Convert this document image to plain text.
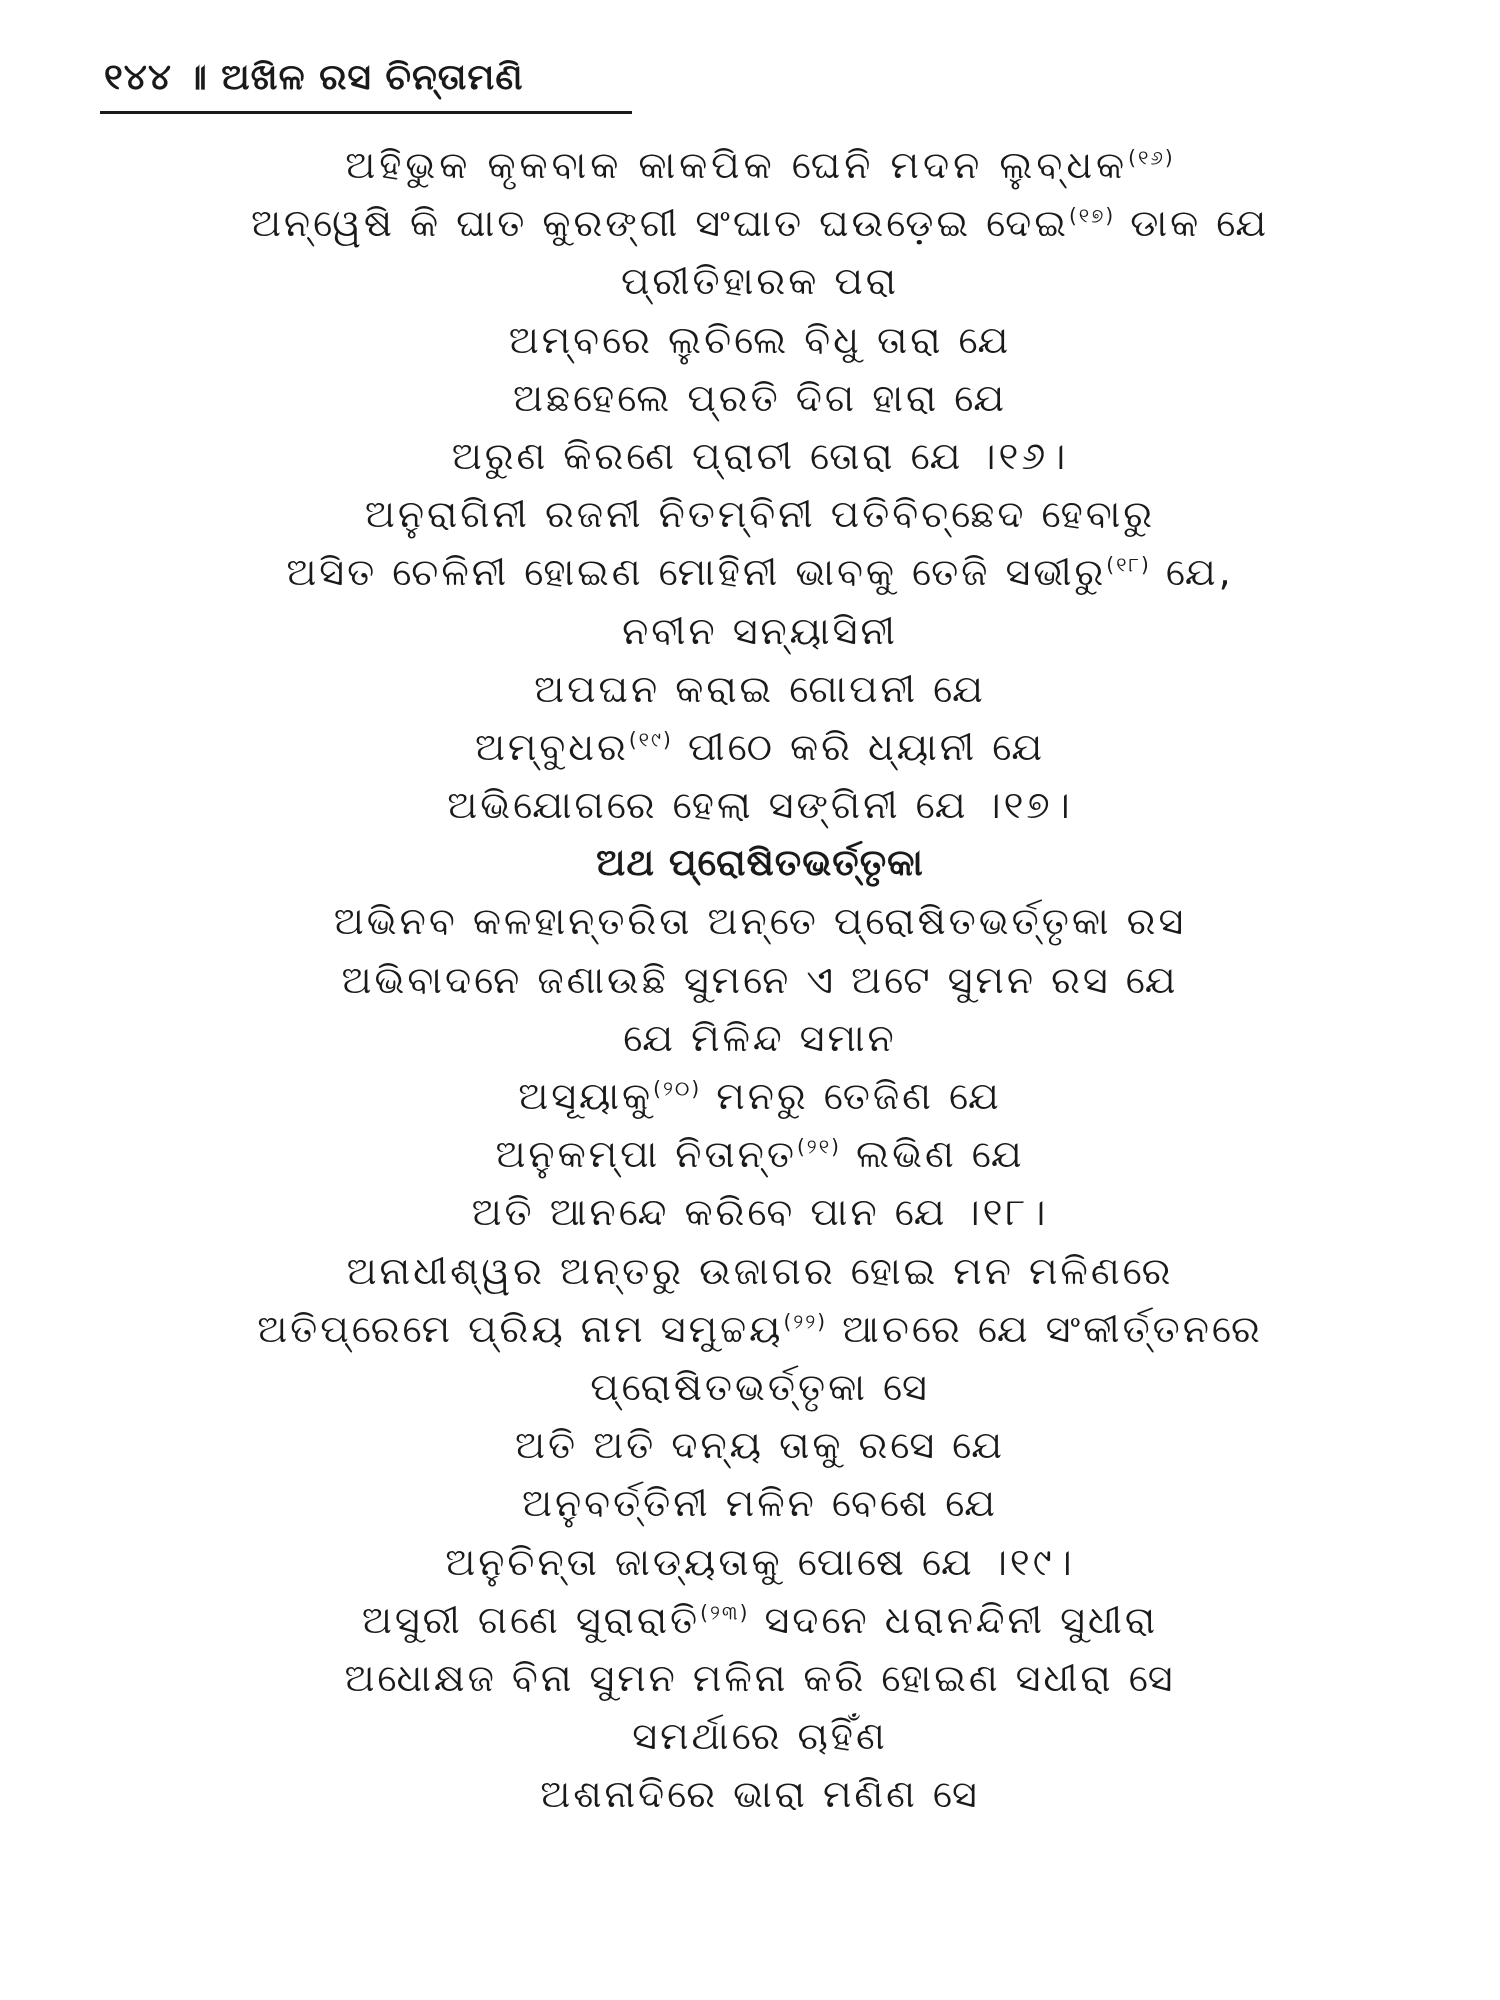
୧୪୪ ॥ ଅଖିଳ ରସ ଚିନ୍ତାମଣି
ଅହିଭୁକ କୃକବାକ କାକପିକ ଘେନି ମଦନ ଲୁବ୍ଧକ$^{(୧୬)}$
ଅନ୍ୱେଷି କି ଘାତ କୁରଙ୍ଗୀ ସଂଘାତ ଘଉଡ଼େଇ ଦେଇ$^{(୧୭)}$ ଡାକ ଯେ
ପ୍ରୀତିହାରକ ପରା
ଅମ୍ବରେ ଲୁଚିଲେ ବିଧୁ ତାରା ଯେ
ଅଛହେଲେ ପ୍ରତି ଦିଗ ହାରା ଯେ
ଅରୁଣ କିରଣେ ପ୍ରାଚୀ ତୋରା ଯେ ।୧୬।
ଅନୁରାଗିନୀ ରଜନୀ ନିତମ୍ବିନୀ ପତିବିଚ୍ଛେଦ ହେବାରୁ
ଅସିତ ଚେଳିନୀ ହୋଇଣ ମୋହିନୀ ଭାବକୁ ତେଜି ସଭୀରୁ$^{(୧୮)}$ ଯେ,
ନବୀନ ସନ୍ୟାସିନୀ
ଅପଘନ କରାଇ ଗୋପନୀ ଯେ
ଅମ୍ବୁଧର$^{(୧୯)}$ ପୀଠେ କରି ଧ୍ୟାନୀ ଯେ
ଅଭିଯୋଗରେ ହେଲା ସଙ୍ଗିନୀ ଯେ ।୧୭।
ଅଥ ପ୍ରୋଷିତଭର୍ତ୍ତୃକା
ଅଭିନବ କଳହାନ୍ତରିତା ଅନ୍ତେ ପ୍ରୋଷିତଭର୍ତ୍ତୃକା ରସ
ଅଭିବାଦନେ ଜଣାଉଛି ସୁମନେ ଏ ଅଟେ ସୁମନ ରସ ଯେ
ଯେ ମିଳିନ୍ଦ ସମାନ
ଅସୂୟାକୁ$^{(୨୦)}$ ମନରୁ ତେଜିଣ ଯେ
ଅନୁକମ୍ପା ନିତାନ୍ତ$^{(୨୧)}$ ଲଭିଣ ଯେ
ଅତି ଆନନ୍ଦେ କରିବେ ପାନ ଯେ ।୧୮।
ଅନାଧୀଶ୍ୱର ଅନ୍ତରୁ ଉଜାଗର ହୋଇ ମନ ମଳିଣରେ
ଅତିପ୍ରେମେ ପ୍ରିୟ ନାମ ସମୁଚ୍ଚୟ$^{(୨୨)}$ ଆଚରେ ଯେ ସଂକୀର୍ତ୍ତନରେ
ପ୍ରୋଷିତଭର୍ତ୍ତୃକା ସେ
ଅତି ଅତି ଦନ୍ୟ ତାକୁ ରସେ ଯେ
ଅନୁବର୍ତ୍ତିନୀ ମଳିନ ବେଶେ ଯେ
ଅନୁଚିନ୍ତା ଜାଡ୍ୟତାକୁ ପୋଷେ ଯେ ।୧୯।
ଅସୁରୀ ଗଣେ ସୁରାରାତି$^{(୨୩)}$ ସଦନେ ଧରାନନ୍ଦିନୀ ସୁଧୀରା
ଅଧୋକ୍ଷଜ ବିନା ସୁମନ ମଳିନା କରି ହୋଇଣ ସଧୀରା ସେ
ସମର୍ଥାରେ ଚାହିଁଣ
ଅଶନାଦିରେ ଭାରା ମଣିଣ ସେ
